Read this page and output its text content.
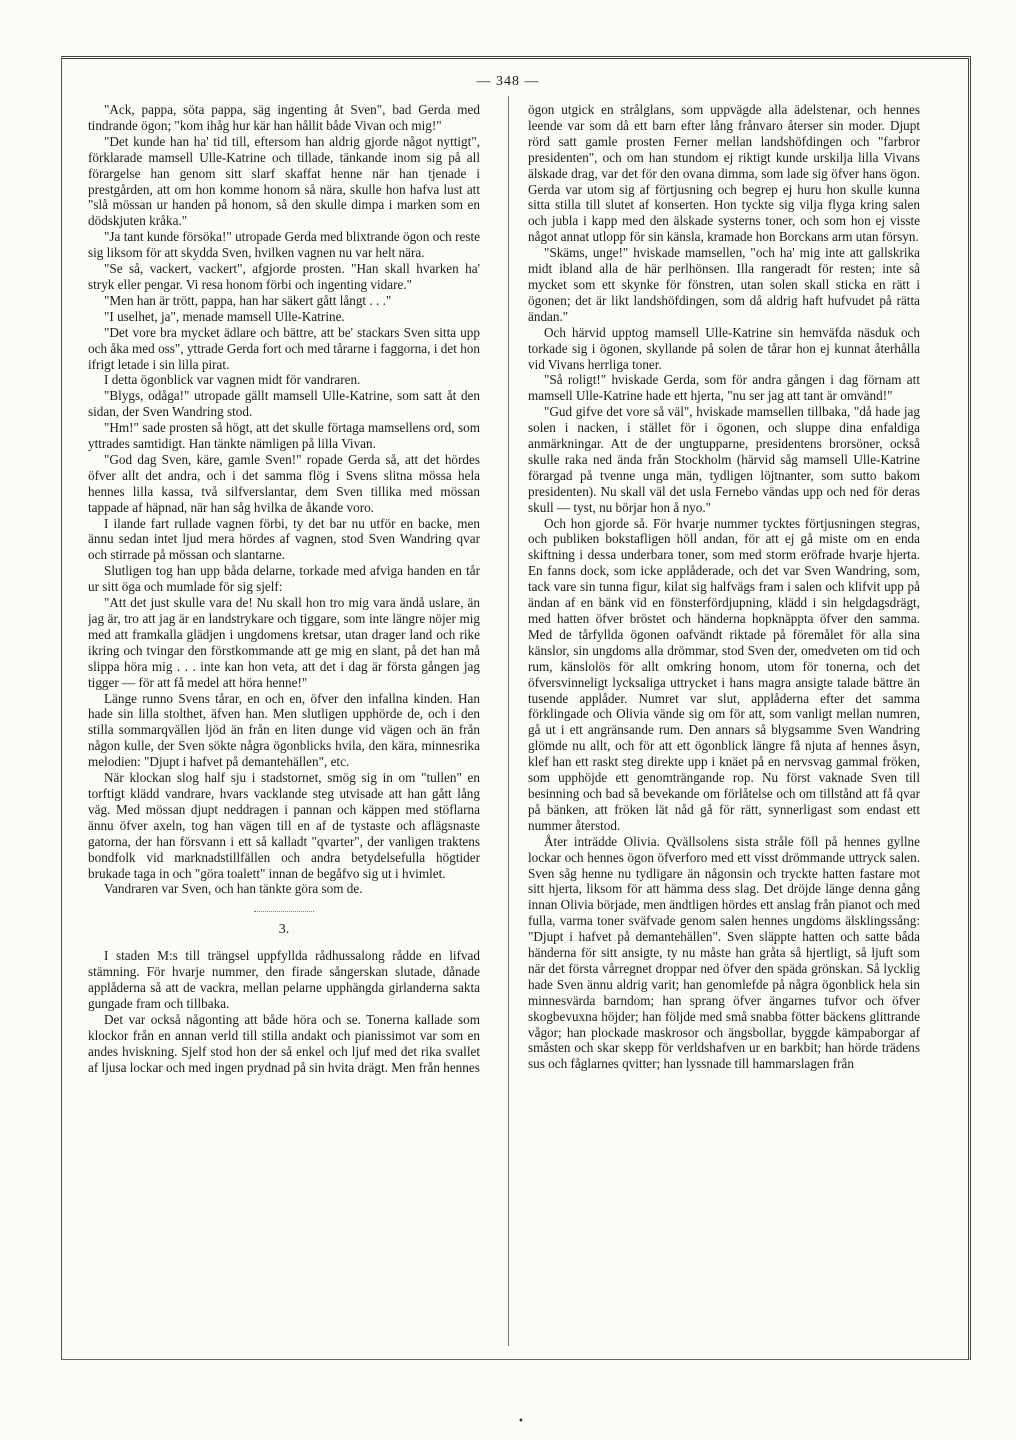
— 348 —

"Ack, pappa, söta pappa, säg ingenting åt Sven", bad Gerda med tindrande ögon; "kom ihåg hur kär han hållit både Vivan och mig!"

"Det kunde han ha' tid till, eftersom han aldrig gjorde något nyttigt", förklarade mamsell Ulle-Katrine och tillade, tänkande inom sig på all förargelse han genom sitt slarf skaffat henne när han tjenade i prestgården, att om hon komme honom så nära, skulle hon hafva lust att "slå mössan ur handen på honom, så den skulle dimpa i marken som en dödskjuten kråka."

"Ja tant kunde försöka!" utropade Gerda med blixtrande ögon och reste sig liksom för att skydda Sven, hvilken vagnen nu var helt nära.

"Se så, vackert, vackert", afgjorde prosten. "Han skall hvarken ha' stryk eller pengar. Vi resa honom förbi och ingenting vidare."

"Men han är trött, pappa, han har säkert gått långt . . ."

"I uselhet, ja", menade mamsell Ulle-Katrine.

"Det vore bra mycket ädlare och bättre, att be' stackars Sven sitta upp och åka med oss", yttrade Gerda fort och med tårarne i faggorna, i det hon ifrigt letade i sin lilla pirat.

I detta ögonblick var vagnen midt för vandraren.

"Blygs, odåga!" utropade gällt mamsell Ulle-Katrine, som satt åt den sidan, der Sven Wandring stod.

"Hm!" sade prosten så högt, att det skulle förtaga mamsellens ord, som yttrades samtidigt. Han tänkte nämligen på lilla Vivan.

"God dag Sven, käre, gamle Sven!" ropade Gerda så, att det hördes öfver allt det andra, och i det samma flög i Svens slitna mössa hela hennes lilla kassa, två silfverslantar, dem Sven tillika med mössan tappade af häpnad, när han såg hvilka de åkande voro.

I ilande fart rullade vagnen förbi, ty det bar nu utför en backe, men ännu sedan intet ljud mera hördes af vagnen, stod Sven Wandring qvar och stirrade på mössan och slantarne.

Slutligen tog han upp båda delarne, torkade med afviga handen en tår ur sitt öga och mumlade för sig sjelf:

"Att det just skulle vara de! Nu skall hon tro mig vara ändå uslare, än jag är, tro att jag är en landstrykare och tiggare, som inte längre nöjer mig med att framkalla glädjen i ungdomens kretsar, utan drager land och rike ikring och tvingar den förstkommande att ge mig en slant, på det han må slippa höra mig . . . inte kan hon veta, att det i dag är första gången jag tigger — för att få medel att höra henne!"

Länge runno Svens tårar, en och en, öfver den infallna kinden. Han hade sin lilla stolthet, äfven han. Men slutligen upphörde de, och i den stilla sommarqvällen ljöd än från en liten dunge vid vägen och än från någon kulle, der Sven sökte några ögonblicks hvila, den kära, minnesrika melodien: "Djupt i hafvet på demantehällen", etc.

När klockan slog half sju i stadstornet, smög sig in om "tullen" en torftigt klädd vandrare, hvars vacklande steg utvisade att han gått lång väg. Med mössan djupt neddragen i pannan och käppen med stöflarna ännu öfver axeln, tog han vägen till en af de tystaste och aflägsnaste gatorna, der han försvann i ett så kalladt "qvarter", der vanligen traktens bondfolk vid marknadstillfällen och andra betydelsefulla högtider brukade taga in och "göra toalett" innan de begåfvo sig ut i hvimlet.

Vandraren var Sven, och han tänkte göra som de.

3.

I staden M:s till trängsel uppfyllda rådhussalong rådde en lifvad stämning. För hvarje nummer, den firade sångerskan slutade, dånade applåderna så att de vackra, mellan pelarne upphängda girlanderna sakta gungade fram och tillbaka.

Det var också någonting att både höra och se. Tonerna kallade som klockor från en annan verld till stilla andakt och pianissimot var som en andes hviskning. Sjelf stod hon der så enkel och ljuf med det rika svallet af ljusa lockar och med ingen prydnad på sin hvita drägt. Men från hennes

ögon utgick en strålglans, som uppvägde alla ädelstenar, och hennes leende var som då ett barn efter lång frånvaro återser sin moder. Djupt rörd satt gamle prosten Ferner mellan landshöfdingen och "farbror presidenten", och om han stundom ej riktigt kunde urskilja lilla Vivans älskade drag, var det för den ovana dimma, som lade sig öfver hans ögon. Gerda var utom sig af förtjusning och begrep ej huru hon skulle kunna sitta stilla till slutet af konserten. Hon tyckte sig vilja flyga kring salen och jubla i kapp med den älskade systerns toner, och som hon ej visste något annat utlopp för sin känsla, kramade hon Borckans arm utan försyn.

"Skäms, unge!" hviskade mamsellen, "och ha' mig inte att gallskrika midt ibland alla de här perlhönsen. Illa rangeradt för resten; inte så mycket som ett skynke för fönstren, utan solen skall sticka en rätt i ögonen; det är likt landshöfdingen, som då aldrig haft hufvudet på rätta ändan."

Och härvid upptog mamsell Ulle-Katrine sin hemväfda näsduk och torkade sig i ögonen, skyllande på solen de tårar hon ej kunnat återhålla vid Vivans herrliga toner.

"Så roligt!" hviskade Gerda, som för andra gången i dag förnam att mamsell Ulle-Katrine hade ett hjerta, "nu ser jag att tant är omvänd!"

"Gud gifve det vore så väl", hviskade mamsellen tillbaka, "då hade jag solen i nacken, i stället för i ögonen, och sluppe dina enfaldiga anmärkningar. Att de der ungtupparne, presidentens brorsöner, också skulle raka ned ända från Stockholm (härvid såg mamsell Ulle-Katrine förargad på tvenne unga män, tydligen löjtnanter, som sutto bakom presidenten). Nu skall väl det usla Fernebo vändas upp och ned för deras skull — tyst, nu börjar hon å nyo."

Och hon gjorde så. För hvarje nummer tycktes förtjusningen stegras, och publiken bokstafligen höll andan, för att ej gå miste om en enda skiftning i dessa underbara toner, som med storm eröfrade hvarje hjerta. En fanns dock, som icke applåderade, och det var Sven Wandring, som, tack vare sin tunna figur, kilat sig halfvägs fram i salen och klifvit upp på ändan af en bänk vid en fönsterfördjupning, klädd i sin helgdagsdrägt, med hatten öfver bröstet och händerna hopknäppta öfver den samma. Med de tårfyllda ögonen oafvändt riktade på föremålet för alla sina känslor, sin ungdoms alla drömmar, stod Sven der, omedveten om tid och rum, känslolös för allt omkring honom, utom för tonerna, och det öfversvinneligt lycksaliga uttrycket i hans magra ansigte talade bättre än tusende applåder. Numret var slut, applåderna efter det samma förklingade och Olivia vände sig om för att, som vanligt mellan numren, gå ut i ett angränsande rum. Den annars så blygsamme Sven Wandring glömde nu allt, och för att ett ögonblick längre få njuta af hennes åsyn, klef han ett raskt steg direkte upp i knäet på en nervsvag gammal fröken, som upphöjde ett genomträngande rop. Nu först vaknade Sven till besinning och bad så bevekande om förlåtelse och om tillstånd att få qvar på bänken, att fröken lät nåd gå för rätt, synnerligast som endast ett nummer återstod.

Åter inträdde Olivia. Qvällsolens sista stråle föll på hennes gyllne lockar och hennes ögon öfverforo med ett visst drömmande uttryck salen. Sven såg henne nu tydligare än någonsin och tryckte hatten fastare mot sitt hjerta, liksom för att hämma dess slag. Det dröjde länge denna gång innan Olivia började, men ändtligen hördes ett anslag från pianot och med fulla, varma toner sväfvade genom salen hennes ungdoms älsklingssång: "Djupt i hafvet på demantehällen". Sven släppte hatten och satte båda händerna för sitt ansigte, ty nu måste han gråta så hjertligt, så ljuft som när det första vårregnet droppar ned öfver den späda grönskan. Så lycklig hade Sven ännu aldrig varit; han genomlefde på några ögonblick hela sin minnesvärda barndom; han sprang öfver ängarnes tufvor och öfver skogbevuxna höjder; han följde med små snabba fötter bäckens glittrande vågor; han plockade maskrosor och ängsbollar, byggde kämpaborgar af småsten och skar skepp för verldshafven ur en barkbit; han hörde trädens sus och fåglarnes qvitter; han lyssnade till hammarslagen från

•
